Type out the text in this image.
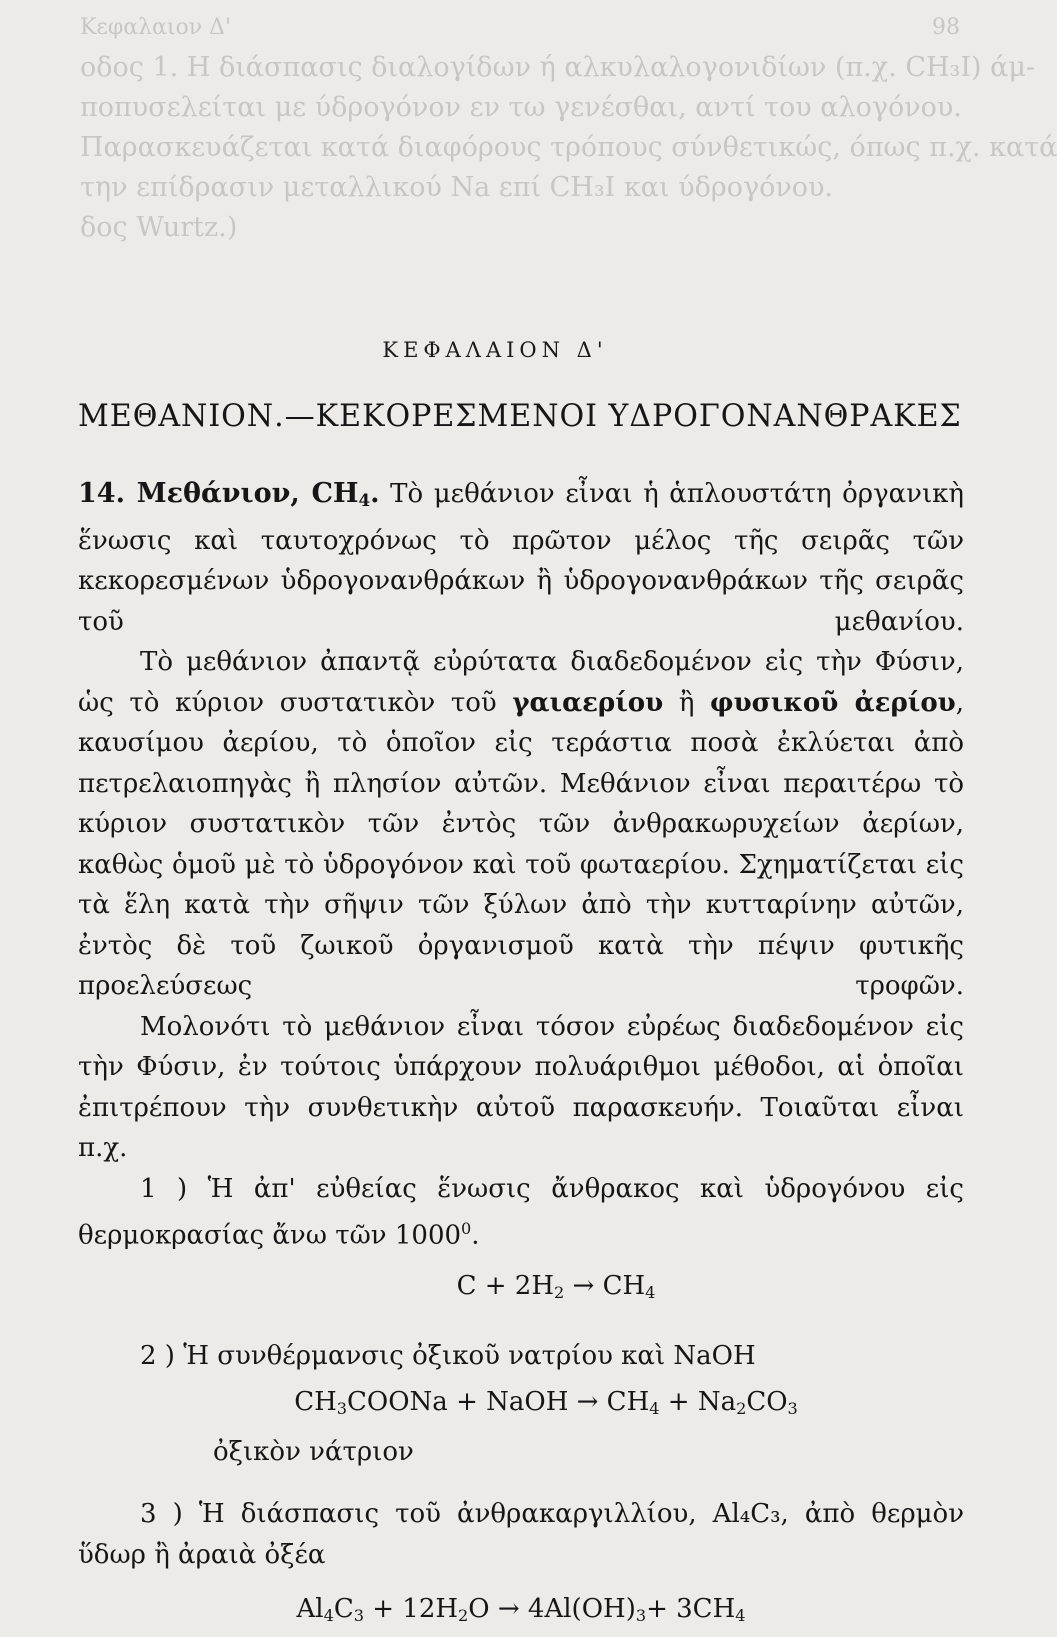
Κεφαλαιον Δ'	98
οδος 1. Η διάσπασις διαλογίδων ή αλκυλαλογονιδίων (π.χ. CH₃I) άμ-
ποπυσελείται με ύδρογόνον εν τω γενέσθαι, αντί του αλογόνου.
Παρασκευάζεται κατά διαφόρους τρόπους σύνθετικώς, όπως π.χ. κατά
την επίδρασιν μεταλλικού Na επί CH₃I και ύδρογόνου.
δος Wurtz.)
ΚΕΦΑΛΑΙΟΝ Δ'
ΜΕΘΑΝΙΟΝ.—ΚΕΚΟΡΕΣΜΕΝΟΙ ΥΔΡΟΓΟΝΑΝΘΡΑΚΕΣ

14. Μεθάνιον, $CH_4$. Τὸ μεθάνιον εἶναι ἡ ἁπλουστάτη ὀργανικὴ ἕνωσις καὶ ταυτοχρόνως τὸ πρῶτον μέλος τῆς σειρᾶς τῶν κεκορεσμένων ὑδρογονανθράκων ἢ ὑδρογονανθράκων τῆς σειρᾶς τοῦ μεθανίου.

Τὸ μεθάνιον ἀπαντᾷ εὐρύτατα διαδεδομένον εἰς τὴν Φύσιν, ὡς τὸ κύριον συστατικὸν τοῦ γαιαερίου ἢ φυσικοῦ ἀερίου, καυσίμου ἀερίου, τὸ ὁποῖον εἰς τεράστια ποσὰ ἐκλύεται ἀπὸ πετρελαιοπηγὰς ἢ πλησίον αὐτῶν. Μεθάνιον εἶναι περαιτέρω τὸ κύριον συστατικὸν τῶν ἐντὸς τῶν ἀνθρακωρυχείων ἀερίων, καθὼς ὁμοῦ μὲ τὸ ὑδρογόνον καὶ τοῦ φωταερίου. Σχηματίζεται εἰς τὰ ἕλη κατὰ τὴν σῆψιν τῶν ξύλων ἀπὸ τὴν κυτταρίνην αὐτῶν, ἐντὸς δὲ τοῦ ζωικοῦ ὀργανισμοῦ κατὰ τὴν πέψιν φυτικῆς προελεύσεως τροφῶν.

Μολονότι τὸ μεθάνιον εἶναι τόσον εὐρέως διαδεδομένον εἰς τὴν Φύσιν, ἐν τούτοις ὑπάρχουν πολυάριθμοι μέθοδοι, αἱ ὁποῖαι ἐπιτρέπουν τὴν συνθετικὴν αὐτοῦ παρασκευήν. Τοιαῦται εἶναι π.χ.

1 ) Ἡ ἀπ' εὐθείας ἕνωσις ἄνθρακος καὶ ὑδρογόνου εἰς θερμοκρασίας ἄνω τῶν 1000$^0$.

$C + 2H_2 \to CH_4$

2 ) Ἡ συνθέρμανσις ὀξικοῦ νατρίου καὶ NaOH

$CH_3COONa$ + NaOH → $CH_4 + Na_2CO_3$
ὀξικὸν νάτριον

3 ) Ἡ διάσπασις τοῦ ἀνθρακαργιλλίου, Al₄C₃, ἀπὸ θερμὸν ὕδωρ ἢ ἀραιὰ ὀξέα

$Al_4C_3 + 12H_2O \to 4Al(OH)_3+ 3CH_4$
